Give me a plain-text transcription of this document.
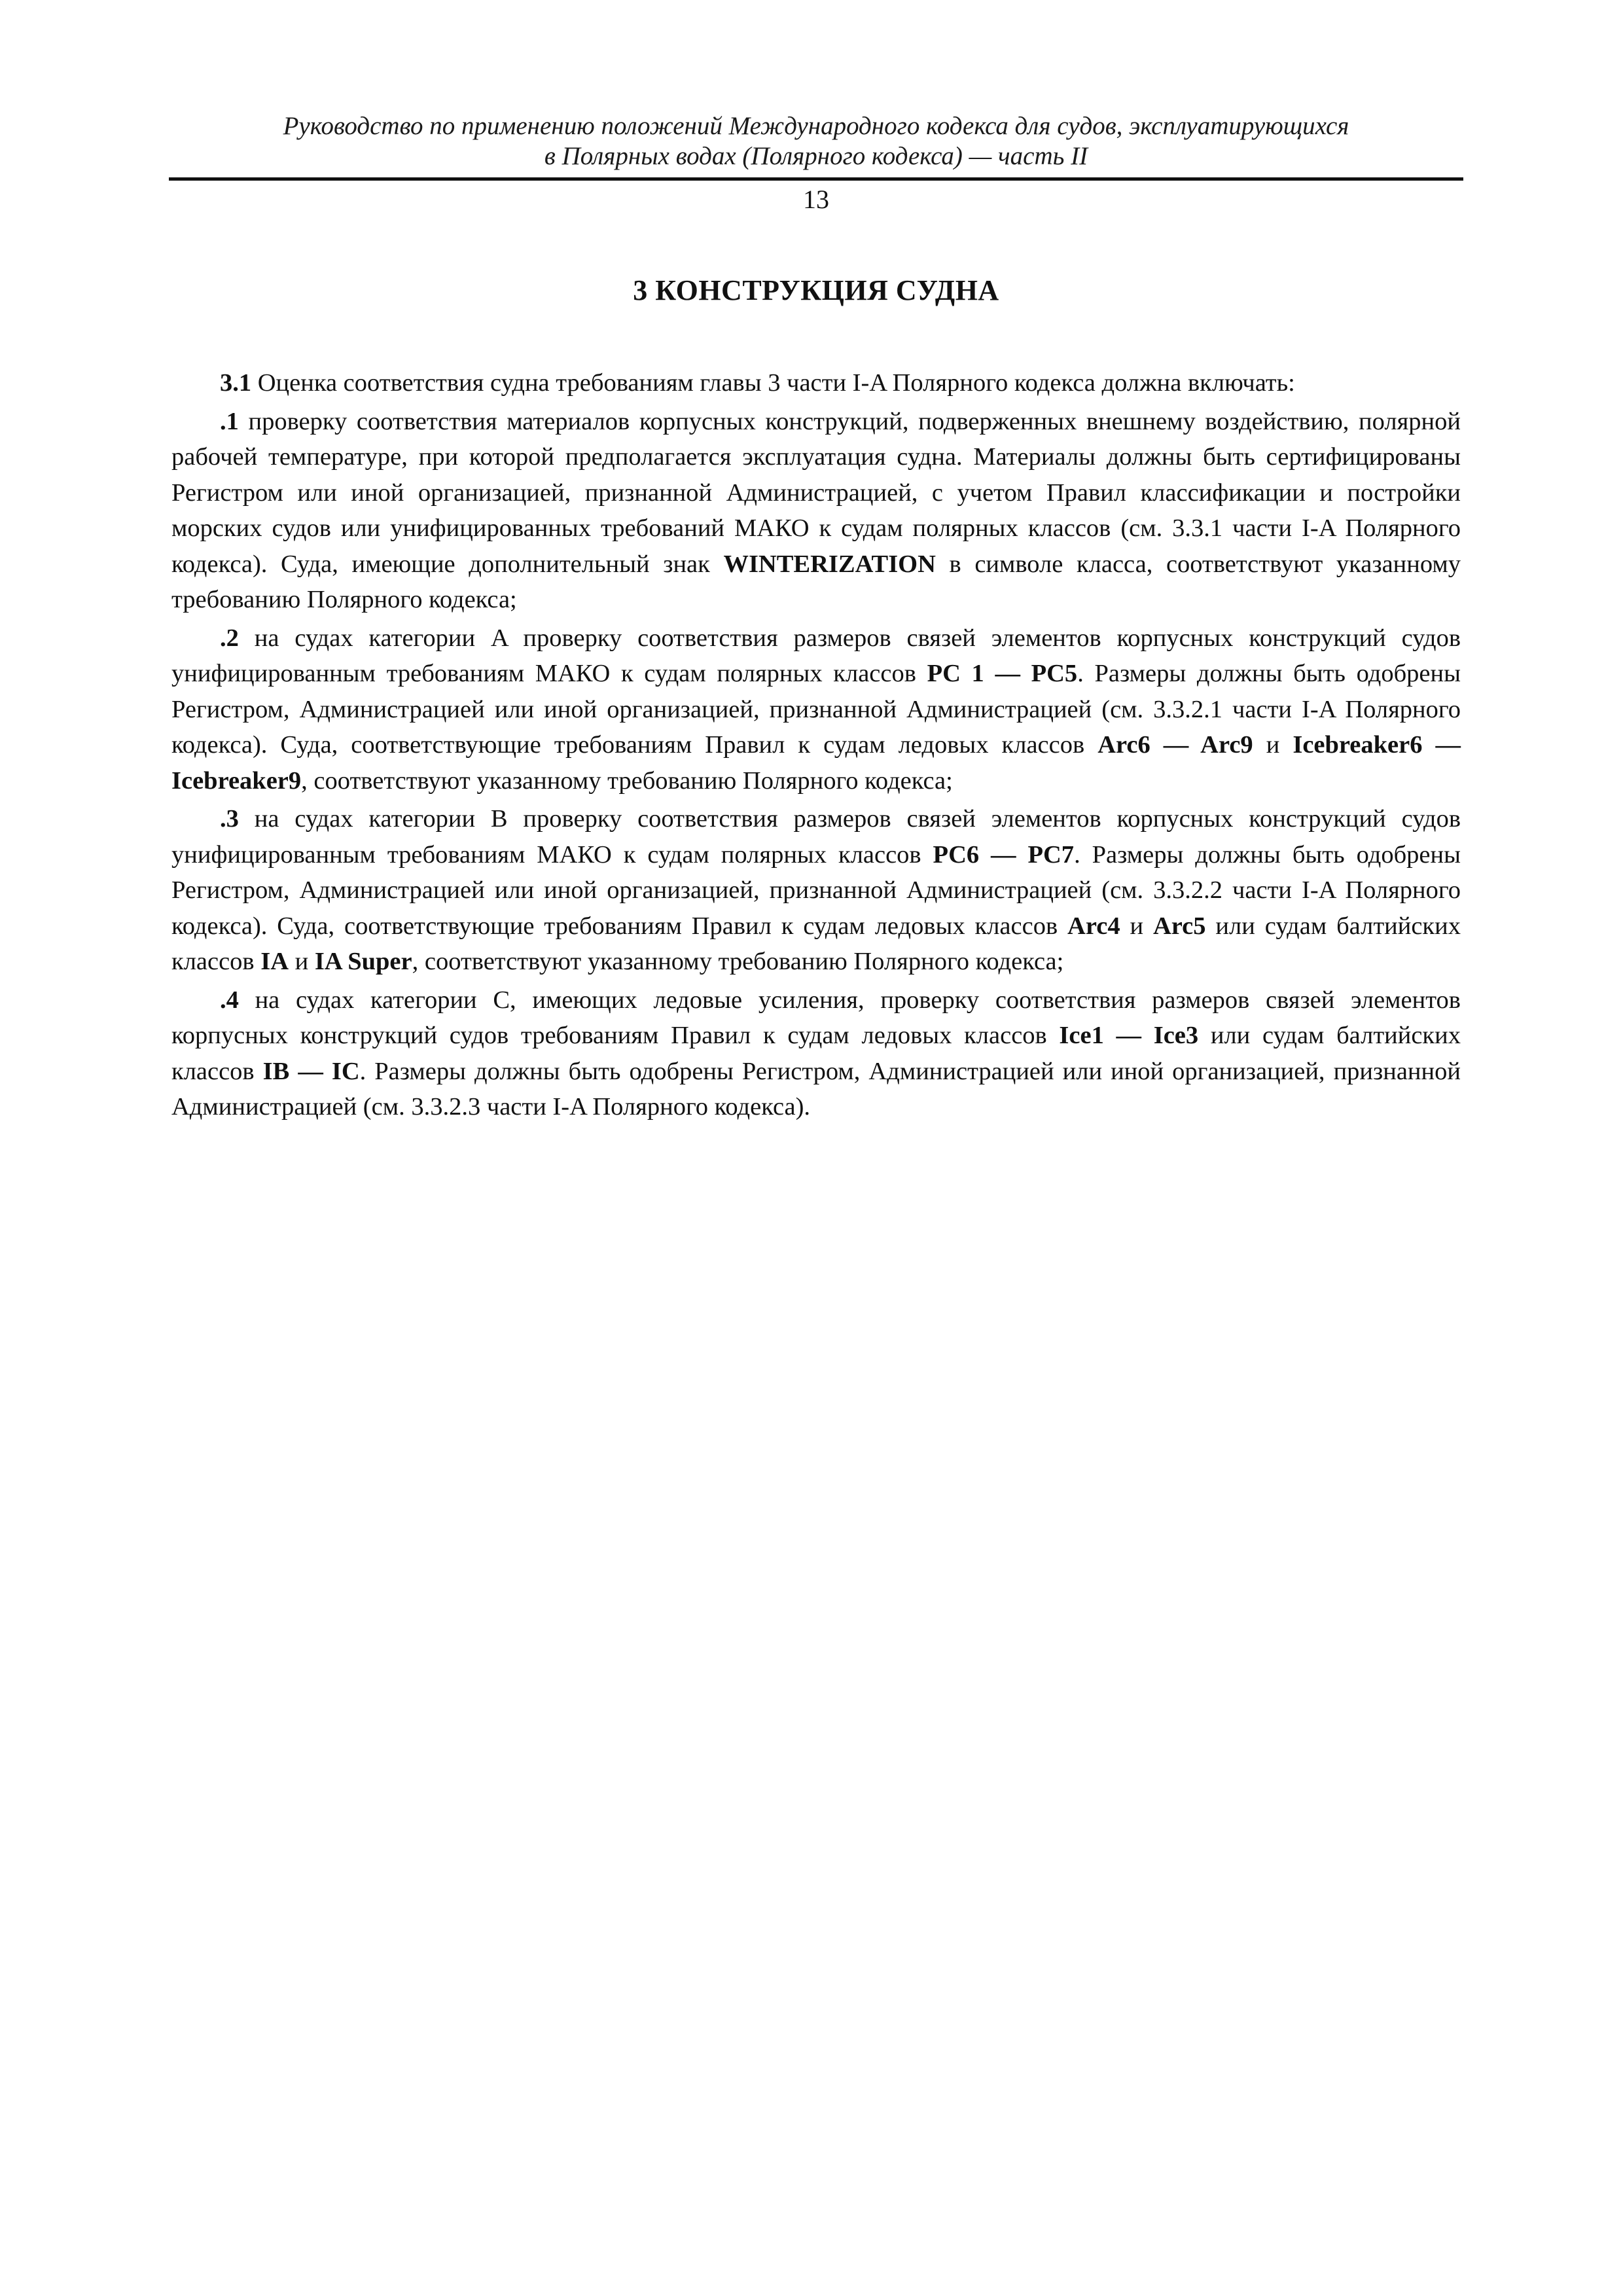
Руководство по применению положений Международного кодекса для судов, эксплуатирующихся
в Полярных водах (Полярного кодекса) — часть II
13
3 КОНСТРУКЦИЯ СУДНА

3.1 Оценка соответствия судна требованиям главы 3 части I-A Полярного кодекса должна включать:

.1 проверку соответствия материалов корпусных конструкций, подверженных внешнему воздействию, полярной рабочей температуре, при которой предполагается эксплуатация судна. Материалы должны быть сертифицированы Регистром или иной организацией, признанной Администрацией, с учетом Правил классификации и постройки морских судов или унифицированных требований МАКО к судам полярных классов (см. 3.3.1 части I-A Полярного кодекса). Суда, имеющие дополнительный знак WINTERIZATION в символе класса, соответствуют указанному требованию Полярного кодекса;

.2 на судах категории A проверку соответствия размеров связей элементов корпусных конструкций судов унифицированным требованиям МАКО к судам полярных классов PC 1 — PC5. Размеры должны быть одобрены Регистром, Администрацией или иной организацией, признанной Администрацией (см. 3.3.2.1 части I-A Полярного кодекса). Суда, соответствующие требованиям Правил к судам ледовых классов Arc6 — Arc9 и Icebreaker6 — Icebreaker9, соответствуют указанному требованию Полярного кодекса;

.3 на судах категории B проверку соответствия размеров связей элементов корпусных конструкций судов унифицированным требованиям МАКО к судам полярных классов PC6 — PC7. Размеры должны быть одобрены Регистром, Администрацией или иной организацией, признанной Администрацией (см. 3.3.2.2 части I-A Полярного кодекса). Суда, соответствующие требованиям Правил к судам ледовых классов Arc4 и Arc5 или судам балтийских классов IA и IA Super, соответствуют указанному требованию Полярного кодекса;

.4 на судах категории C, имеющих ледовые усиления, проверку соответствия размеров связей элементов корпусных конструкций судов требованиям Правил к судам ледовых классов Ice1 — Ice3 или судам балтийских классов IB — IC. Размеры должны быть одобрены Регистром, Администрацией или иной организацией, признанной Администрацией (см. 3.3.2.3 части I-A Полярного кодекса).
